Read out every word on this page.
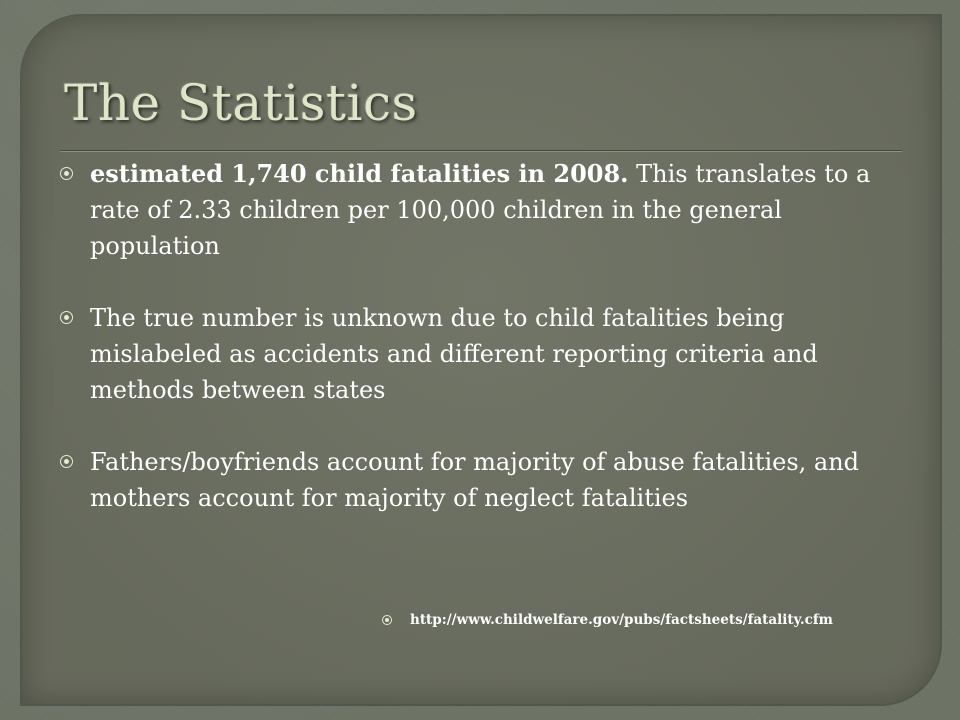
The Statistics
estimated 1,740 child fatalities in 2008. This translates to a rate of 2.33 children per 100,000 children in the general population
The true number is unknown due to child fatalities being mislabeled as accidents and different reporting criteria and methods between states
Fathers/boyfriends account for majority of abuse fatalities, and mothers account for majority of neglect fatalities
http://www.childwelfare.gov/pubs/factsheets/fatality.cfm
